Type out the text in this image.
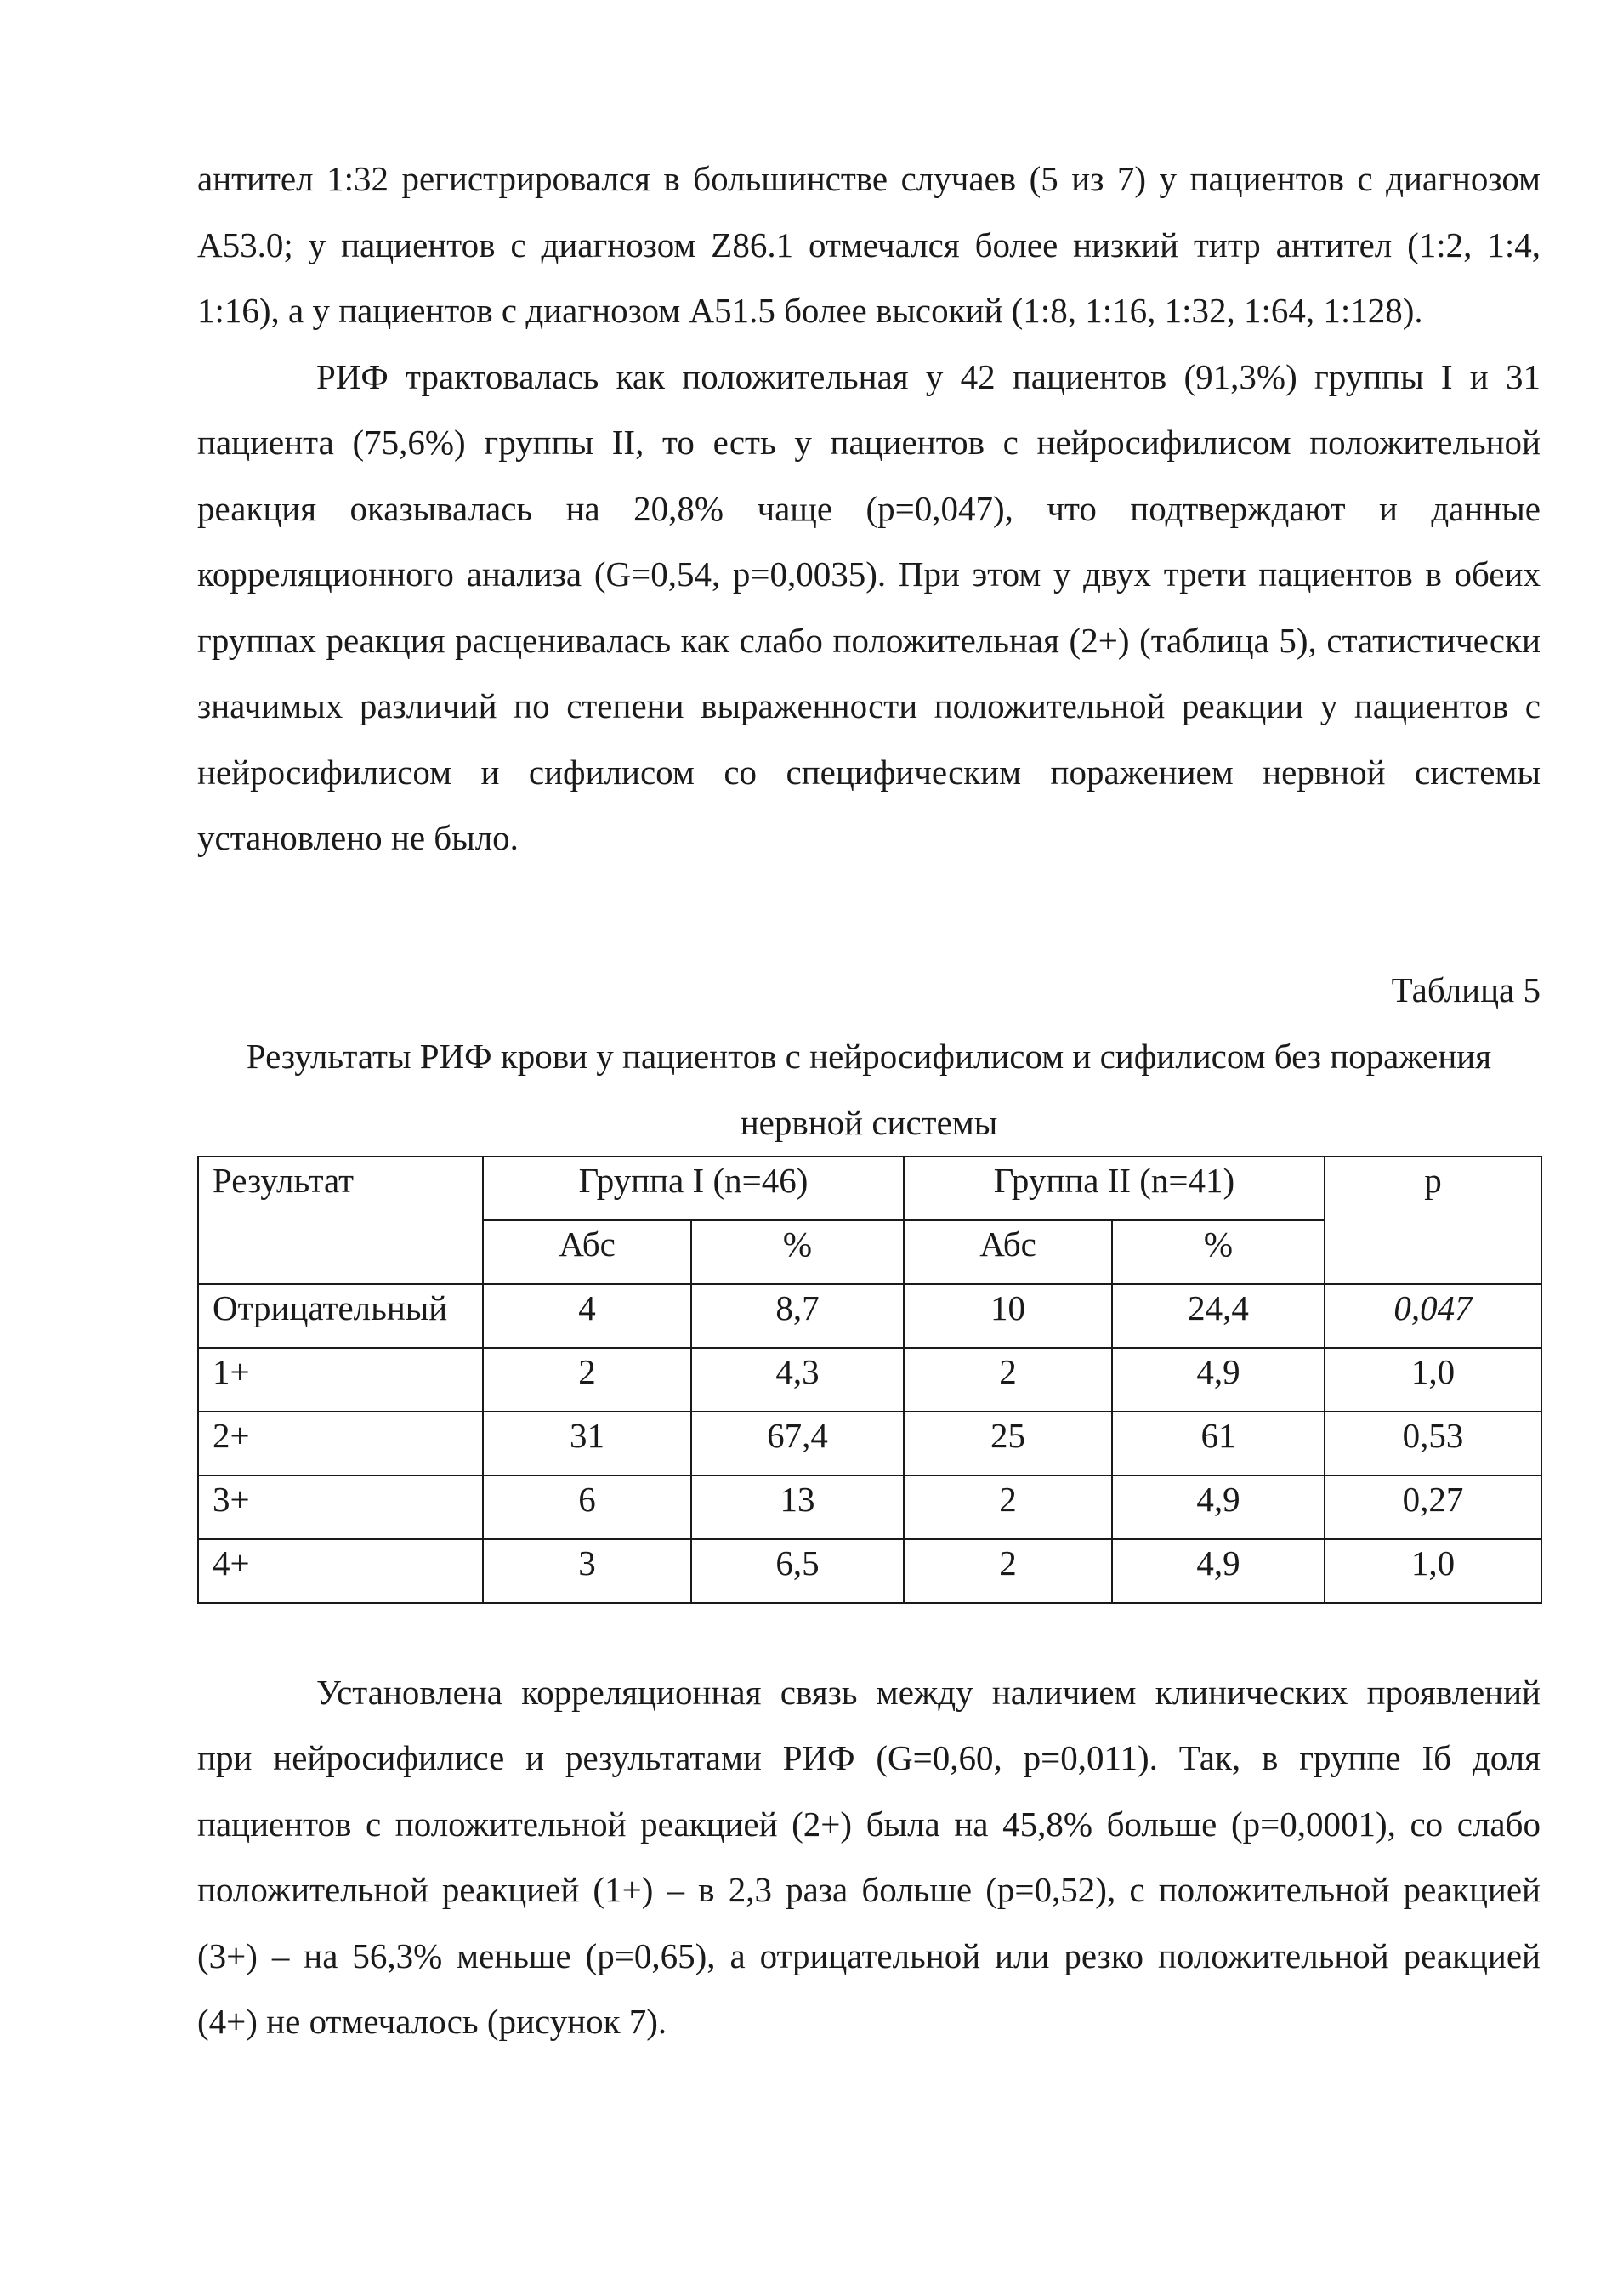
антител 1:32 регистрировался в большинстве случаев (5 из 7) у пациентов с диагнозом А53.0; у пациентов с диагнозом Z86.1 отмечался более низкий титр антител (1:2, 1:4, 1:16), а у пациентов с диагнозом А51.5 более высокий (1:8, 1:16, 1:32, 1:64, 1:128).

РИФ трактовалась как положительная у 42 пациентов (91,3%) группы I и 31 пациента (75,6%) группы II, то есть у пациентов с нейросифилисом положительной реакция оказывалась на 20,8% чаще (р=0,047), что подтверждают и данные корреляционного анализа (G=0,54, р=0,0035). При этом у двух трети пациентов в обеих группах реакция расценивалась как слабо положительная (2+) (таблица 5), статистически значимых различий по степени выраженности положительной реакции у пациентов с нейросифилисом и сифилисом со специфическим поражением нервной системы установлено не было.

Таблица 5

Результаты РИФ крови у пациентов с нейросифилисом и сифилисом без поражения нервной системы

Результат	Группа I (n=46)		Группа II (n=41)		р
	Абс	%	Абс	%	
Отрицательный	4	8,7	10	24,4	0,047
1+	2	4,3	2	4,9	1,0
2+	31	67,4	25	61	0,53
3+	6	13	2	4,9	0,27
4+	3	6,5	2	4,9	1,0

Установлена корреляционная связь между наличием клинических проявлений при нейросифилисе и результатами РИФ (G=0,60, р=0,011). Так, в группе Iб доля пациентов с положительной реакцией (2+) была на 45,8% больше (р=0,0001), со слабо положительной реакцией (1+) – в 2,3 раза больше (р=0,52), с положительной реакцией (3+) – на 56,3% меньше (р=0,65), а отрицательной или резко положительной реакцией (4+) не отмечалось (рисунок 7).
